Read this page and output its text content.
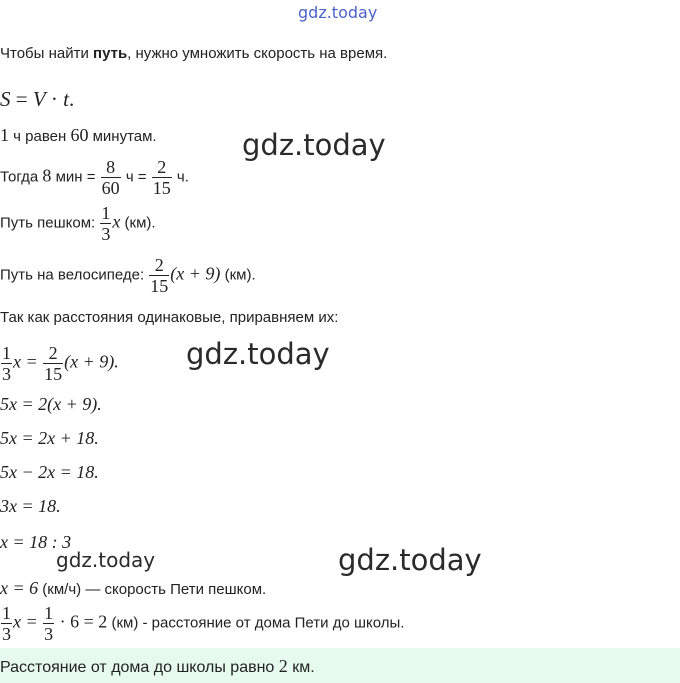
gdz.today
gdz.today
gdz.today
gdz.today	gdz.today
Чтобы найти путь, нужно умножить скорость на время.
S = V · t.
1 ч равен 60 минутам.
Тогда 8 мин = $\frac{8}{60}$ $ч = \frac{2}{15} ч$.
Путь пешком: $\frac{1}{3}$ x (км).
Путь на велосипеде: $\frac{2}{15} (x + 9)$ (км).
Так как расстояния одинаковые, приравняем их:
$\frac{1}{3}$ $x = \frac{2}{15} (x + 9)$.
5x = 2(x + 9).
5x = 2x + 18.
5x − 2x = 18.
3x = 18.
x = 18 : 3
x = 6 (км/ч) — скорость Пети пешком.
$\frac{1}{3}$ $x = \frac{1}{3} \cdot 6 = 2$ (км) - расстояние от дома Пети до школы.
Расстояние от дома до школы равно 2 км.
